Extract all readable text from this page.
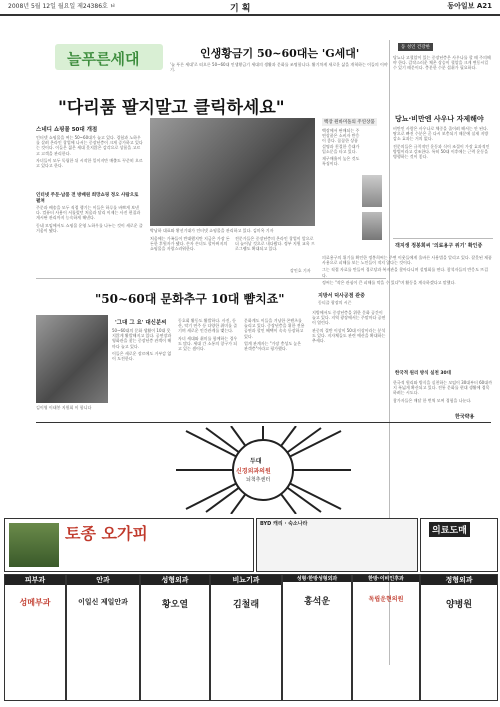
2008년 5월 12일 월요일 제24386호 ㅂ	기획	동아일보 A21
늘푸른세대	인생황금기 50~60대는 'G세대'

'늘 푸른 세대'로 떠오른 50~60대 인생황금기 세대의 생활과 문화를 조명합니다. 활기차게 새로운 삶을 개척하는 이들의 이야기.

"다리품 팔지말고 클릭하세요"
박남하 대표와 황선기대가 인터넷 쇼핑몰을 관리하고 있다. 김미옥 기자
스네디 쇼핑몰 50대 개점

인터넷 쇼핑몰을 여는 50~60대가 늘고 있다. 경험과 노하우를 살려 온라인 창업에 나서는 중장년층이 크게 증가하고 있다는 것이다. 이들은 젊은 세대 못지않은 감각으로 상품을 고르고 고객을 관리한다.

자녀들이 모두 독립한 뒤 시작한 일이지만 매출도 꾸준히 오르고 있다고 한다.

인터넷 주문·납품 전 방배원 희망쇼핑 정오 사람으로 펼쳐

주문과 배송을 모두 직접 챙기는 이들은 하루를 바쁘게 보낸다. 컴퓨터 사용이 서툴렀던 처음과 달리 이제는 사진 편집과 게시판 관리까지 능숙하게 해낸다.

동네 모임에서도 쇼핑몰 운영 노하우를 나누는 것이 새로운 즐거움이 됐다.

처음에는 가족들이 반대했지만 지금은 가장 든든한 후원자가 됐다. 손자 손녀도 할아버지의 쇼핑몰을 자랑스러워한다.

전문가들은 중장년층의 온라인 창업이 앞으로 더 늘어날 것으로 내다봤다. 정부 지원 교육 프로그램도 확대되고 있다.

강인호 기자
백장 원바미돌의 주연상품

백장에서 판매되는 주연상품은 소비자 반응이 좋다. 꼼꼼한 상품 설명과 친절한 응대가 입소문을 타고 있다.

재구매율이 높은 것도 특징이다.

동 성인 건강한

당뇨나 고혈압이 있는 중장년층은 사우나를 할 때 주의해야 한다. 갑작스러운 체온 상승이 혈압을 크게 변동시킬 수 있기 때문이다. 충분한 수분 섭취가 필요하다.

당뇨·비만엔 사우나 자제해야

비만인 사람은 사우나로 체중을 줄이려 해서는 안 된다. 땀으로 빠진 수분은 곧 다시 보충되기 때문에 실제 지방 감소 효과는 거의 없다.

전문의들은 규칙적인 운동과 식이 조절이 가장 효과적인 방법이라고 강조한다. 특히 50대 이후에는 근력 운동을 병행하는 것이 좋다.

객지생 정봉희씨 '의료용구 위기' 확인증

의료용구의 위기를 확인한 정봉희씨는 주변 이웃들에게 올바른 사용법을 알리고 있다. 잘못된 제품 사용으로 피해를 보는 노인들이 적지 않다는 것이다.

그는 직접 자료를 만들어 경로당과 복지관을 찾아다니며 설명회를 연다. 참석자들의 반응도 뜨겁다.

정씨는 "작은 관심이 큰 피해를 막을 수 있다"며 활동을 계속하겠다고 말했다.

한국적 원리 방식 실천 30대

한국적 원리와 방식을 실천하는 모임이 30대부터 60대까지 폭넓게 확산되고 있다. 전통 문화를 현대 생활에 접목하려는 시도다.

참가자들은 매달 한 번씩 모여 경험을 나눈다.

"50~60대 문화추구 10대 뺨치죠"
김이영 이태봉 지원회 이 합니다
'그대 그 요' 대신분씨

50~60대의 문화 생활이 10대 못지않게 활발해지고 있다. 공연장과 영화관을 찾는 중장년층 관객이 해마다 늘고 있다.

이들은 새로운 장르에도 거부감 없이 도전한다.

동호회 활동도 활발하다. 사진, 등산, 악기 연주 등 다양한 취미를 즐기며 새로운 인간관계를 맺는다.

자녀 세대와 취미를 함께하는 경우도 많다. 세대 간 소통의 창구가 되고 있는 셈이다.

문화계도 이들을 겨냥한 콘텐츠를 늘리고 있다. 중장년층을 위한 전용 공연과 할인 혜택이 속속 등장하고 있다.

업계 관계자는 "가장 충성도 높은 관객층"이라고 평가했다.

지방서 덕사공점 관중
동티즐 광장의 시즌

지방에서도 중장년층을 위한 문화 공간이 늘고 있다. 지역 광장에서는 주말마다 공연이 열린다.

관중의 절반 이상이 50대 이상이라는 분석도 있다. 지자체들도 관련 예산을 확대하는 추세다.

한국략용
두대
신경외과의원
뇌척추센터
토종 오가피	BYD 캐리 · 숙소나라
의료도매
피부과
성메부과
안과
이일신 제일안과
성형외과
황오열
비뇨기과
김철래
성형·한방성형외과
홍석운
한방·이비인후과
독립운현의원
정형외과
양병원
